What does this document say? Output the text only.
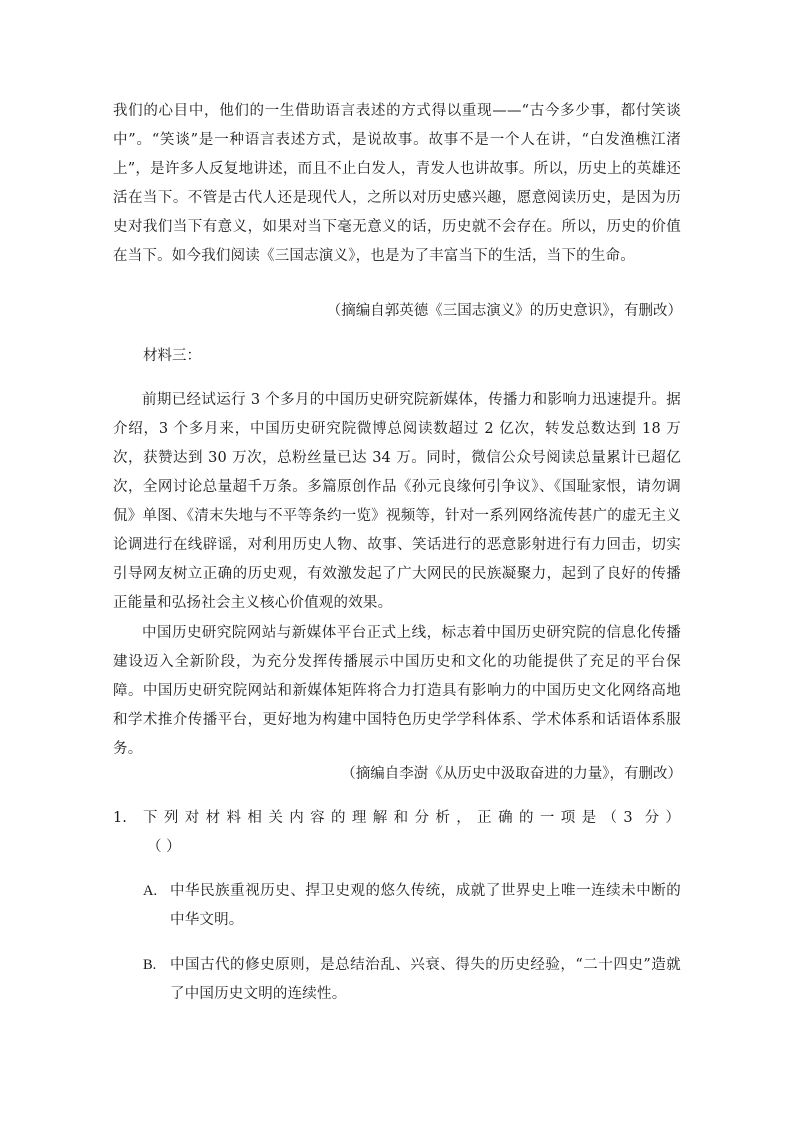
我们的心目中，他们的一生借助语言表述的方式得以重现——“古今多少事，都付笑谈中”。“笑谈”是一种语言表述方式，是说故事。故事不是一个人在讲，“白发渔樵江渚上”，是许多人反复地讲述，而且不止白发人，青发人也讲故事。所以，历史上的英雄还活在当下。不管是古代人还是现代人，之所以对历史感兴趣，愿意阅读历史，是因为历史对我们当下有意义，如果对当下毫无意义的话，历史就不会存在。所以，历史的价值在当下。如今我们阅读《三国志演义》，也是为了丰富当下的生活，当下的生命。

（摘编自郭英德《三国志演义》的历史意识》，有删改）

材料三：

前期已经试运行 3 个多月的中国历史研究院新媒体，传播力和影响力迅速提升。据介绍，3 个多月来，中国历史研究院微博总阅读数超过 2 亿次，转发总数达到 18 万次，获赞达到 30 万次，总粉丝量已达 34 万。同时，微信公众号阅读总量累计已超亿次，全网讨论总量超千万条。多篇原创作品《孙元良缘何引争议》、《国耻家恨，请勿调侃》单图、《清末失地与不平等条约一览》视频等，针对一系列网络流传甚广的虚无主义论调进行在线辟谣，对利用历史人物、故事、笑话进行的恶意影射进行有力回击，切实引导网友树立正确的历史观，有效激发起了广大网民的民族凝聚力，起到了良好的传播正能量和弘扬社会主义核心价值观的效果。

中国历史研究院网站与新媒体平台正式上线，标志着中国历史研究院的信息化传播建设迈入全新阶段，为充分发挥传播展示中国历史和文化的功能提供了充足的平台保障。中国历史研究院网站和新媒体矩阵将合力打造具有影响力的中国历史文化网络高地和学术推介传播平台，更好地为构建中国特色历史学学科体系、学术体系和话语体系服务。

（摘编自李澍《从历史中汲取奋进的力量》，有删改）

1. 下列对材料相关内容的理解和分析，正确的一项是（3 分）

（ ）
A. 中华民族重视历史、捍卫史观的悠久传统，成就了世界史上唯一连续未中断的中华文明。

B. 中国古代的修史原则，是总结治乱、兴衰、得失的历史经验，“二十四史”造就了中国历史文明的连续性。
